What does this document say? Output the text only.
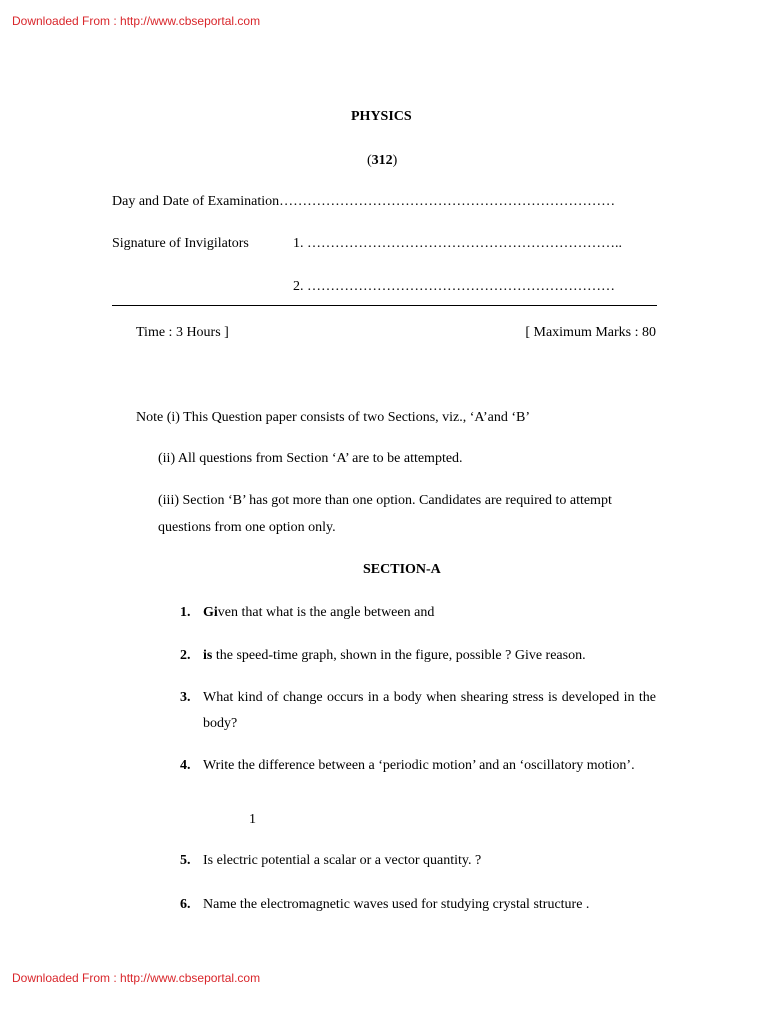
Downloaded From : http://www.cbseportal.com
PHYSICS
(312)
Day and Date of Examination………………………………………………………………
Signature of Invigilators	1. …………………………………………………………..
2. …………………………………………………………
Time : 3 Hours ]	[ Maximum Marks : 80
Note (i) This Question paper consists of two Sections, viz., ‘A’and ‘B’
(ii) All questions from Section ‘A’ are to be attempted.
(iii) Section ‘B’ has got more than one option. Candidates are required to attempt
questions from one option only.
SECTION-A
1. Given that what is the angle between and
2. is the speed-time graph, shown in the figure, possible ? Give reason.
3. What kind of change occurs in a body when shearing stress is developed in the body?
4. Write the difference between a ‘periodic motion’ and an ‘oscillatory motion’.
1
5. Is electric potential a scalar or a vector quantity. ?
6. Name the electromagnetic waves used for studying crystal structure .
Downloaded From : http://www.cbseportal.com
